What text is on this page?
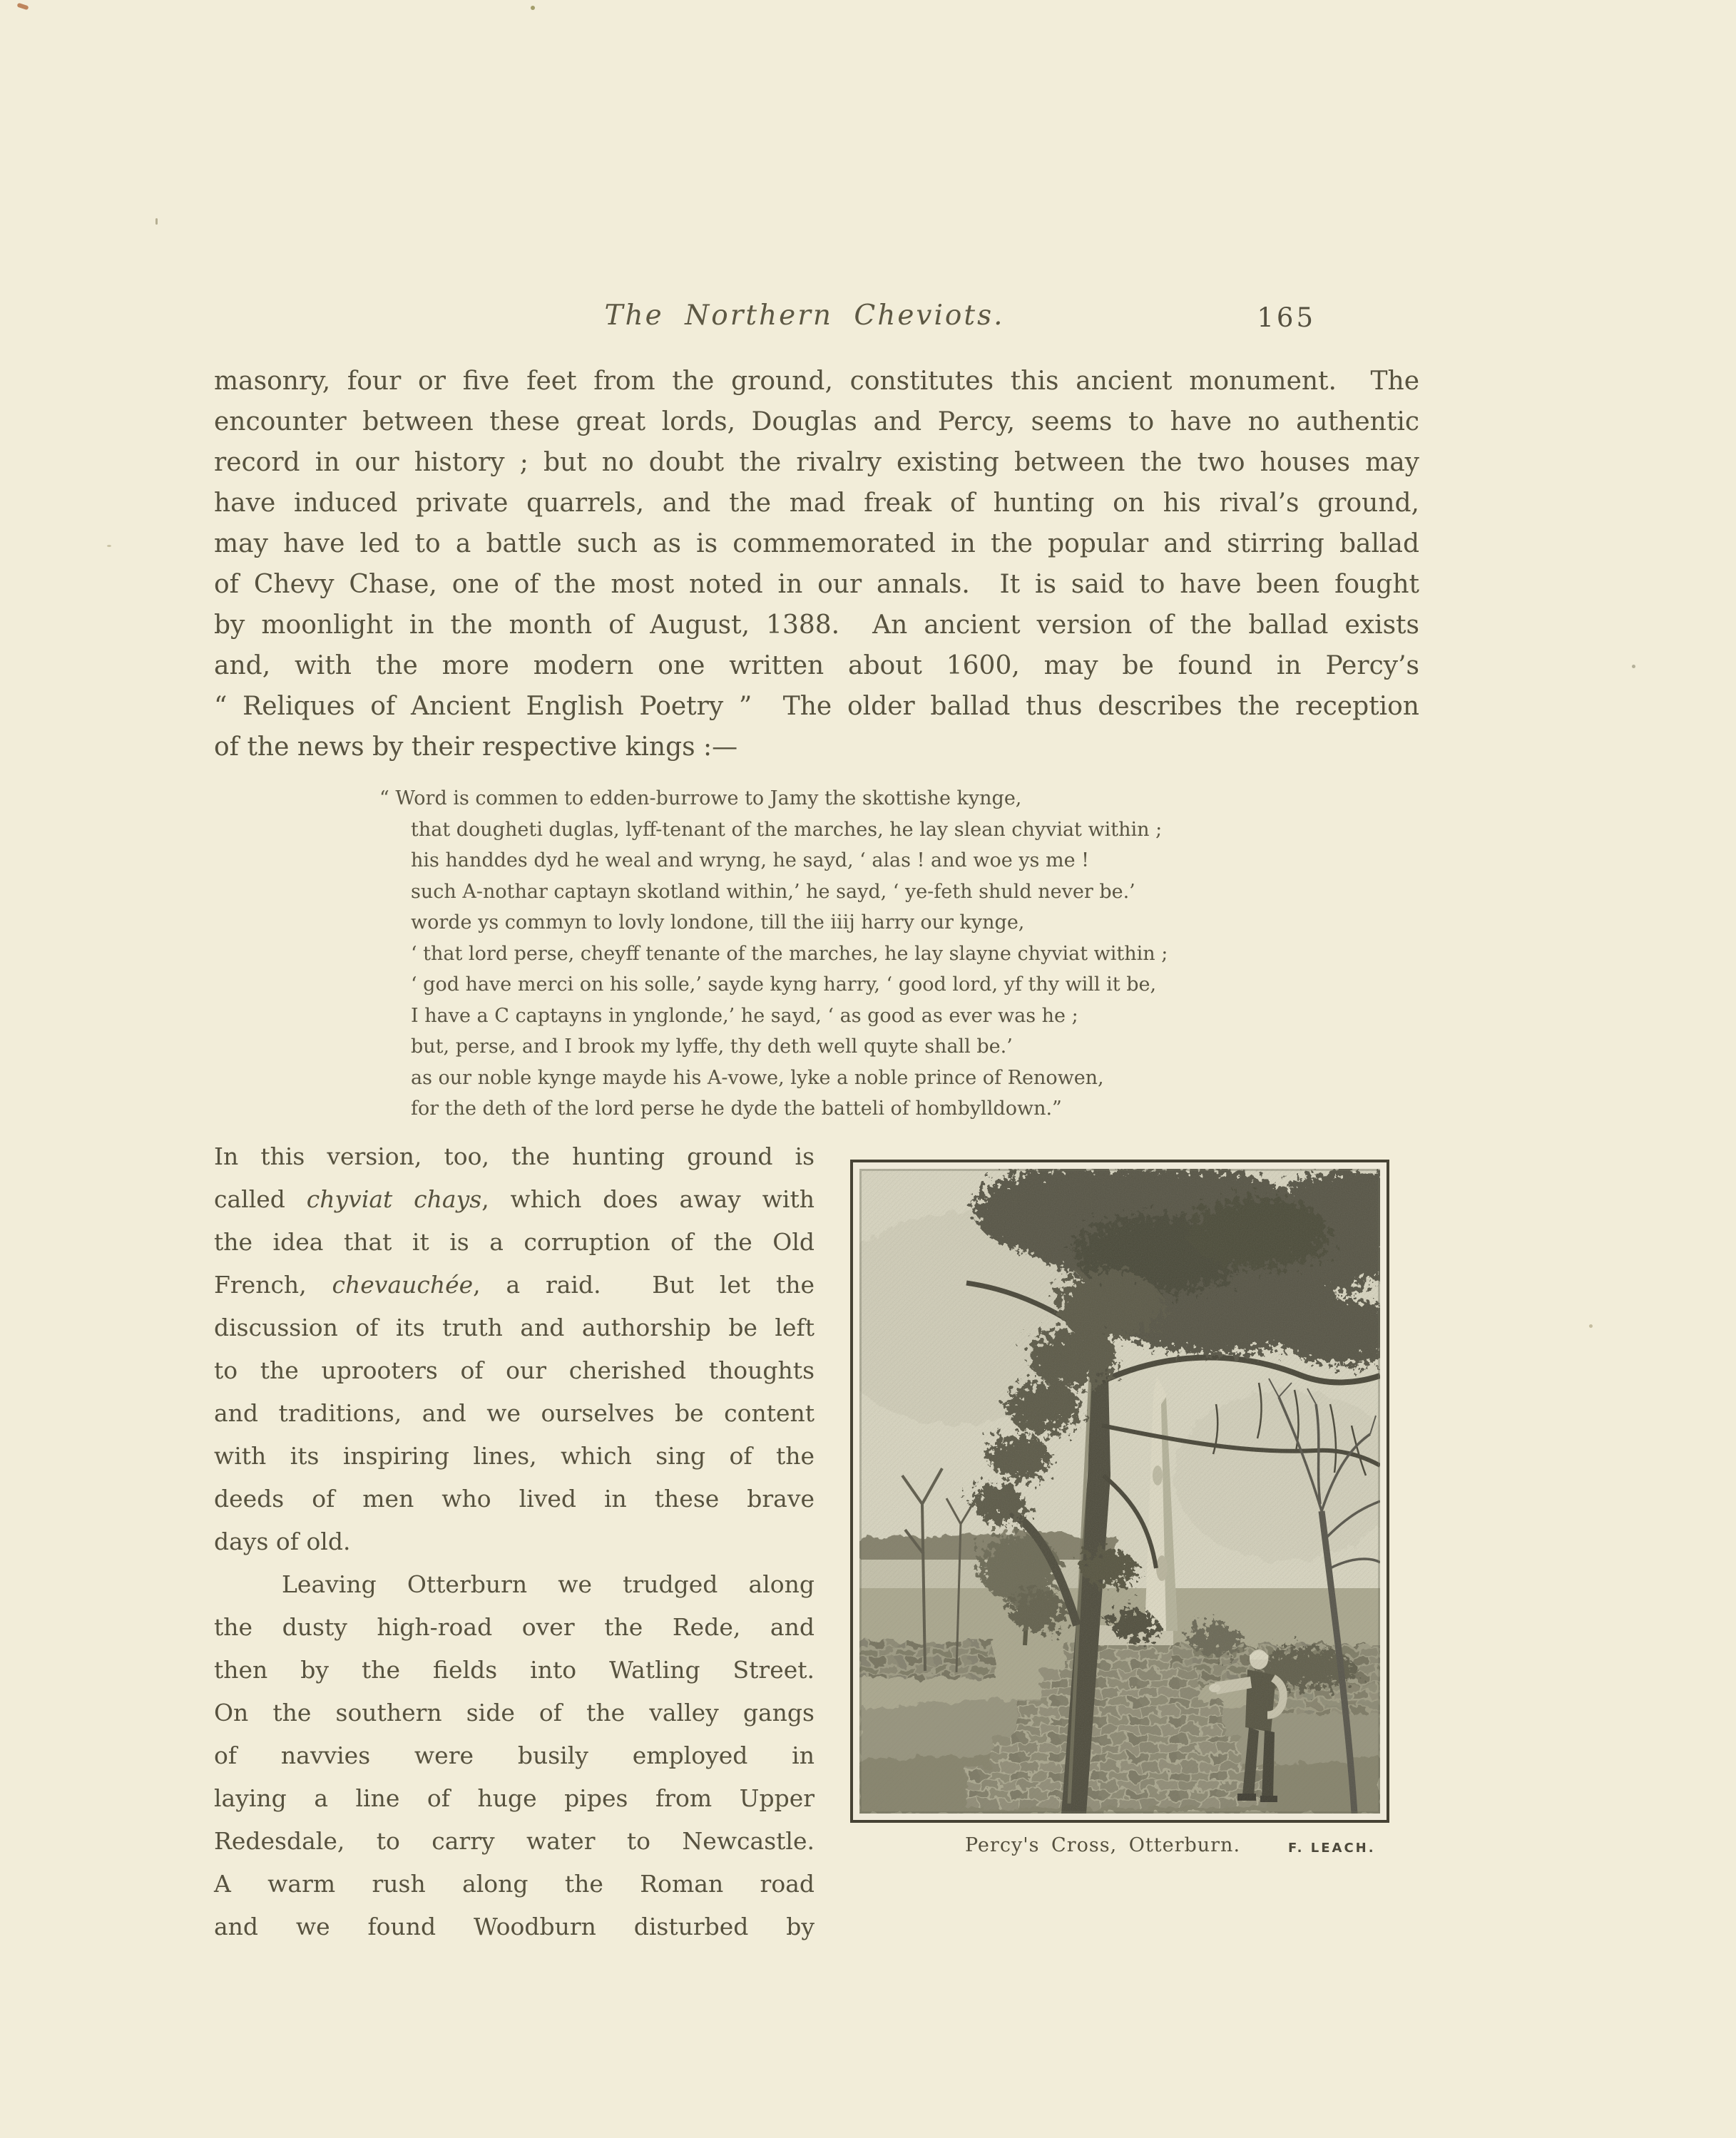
The Northern Cheviots.	165
masonry, four or five feet from the ground, constitutes this ancient monument.  The
encounter between these great lords, Douglas and Percy, seems to have no authentic
record in our history ; but no doubt the rivalry existing between the two houses may
have induced private quarrels, and the mad freak of hunting on his rival’s ground,
may have led to a battle such as is commemorated in the popular and stirring ballad
of Chevy Chase, one of the most noted in our annals.  It is said to have been fought
by moonlight in the month of August, 1388.  An ancient version of the ballad exists
and, with the more modern one written about 1600, may be found in Percy’s
“ Reliques of Ancient English Poetry ”  The older ballad thus describes the reception
of the news by their respective kings :—
“ Word is commen to edden-burrowe to Jamy the skottishe kynge,
that dougheti duglas, lyff-tenant of the marches, he lay slean chyviat within ;
his handdes dyd he weal and wryng, he sayd, ‘ alas ! and woe ys me !
such A-nothar captayn skotland within,’ he sayd, ‘ ye-feth shuld never be.’
worde ys commyn to lovly londone, till the iiij harry our kynge,
‘ that lord perse, cheyff tenante of the marches, he lay slayne chyviat within ;
‘ god have merci on his solle,’ sayde kyng harry, ‘ good lord, yf thy will it be,
I have a C captayns in ynglonde,’ he sayd, ‘ as good as ever was he ;
but, perse, and I brook my lyffe, thy deth well quyte shall be.’
as our noble kynge mayde his A-vowe, lyke a noble prince of Renowen,
for the deth of the lord perse he dyde the batteli of hombylldown.”
In this version, too, the hunting ground is
called chyviat chays, which does away with
the idea that it is a corruption of the Old
French, chevauchée, a raid.  But let the
discussion of its truth and authorship be left
to the uprooters of our cherished thoughts
and traditions, and we ourselves be content
with its inspiring lines, which sing of the
deeds of men who lived in these brave
days of old.
Leaving Otterburn we trudged along
the dusty high-road over the Rede, and
then by the fields into Watling Street.
On the southern side of the valley gangs
of navvies were busily employed in
laying a line of huge pipes from Upper
Redesdale, to carry water to Newcastle.
A warm rush along the Roman road
and we found Woodburn disturbed by
Percy's Cross, Otterburn.	F. LEACH.
